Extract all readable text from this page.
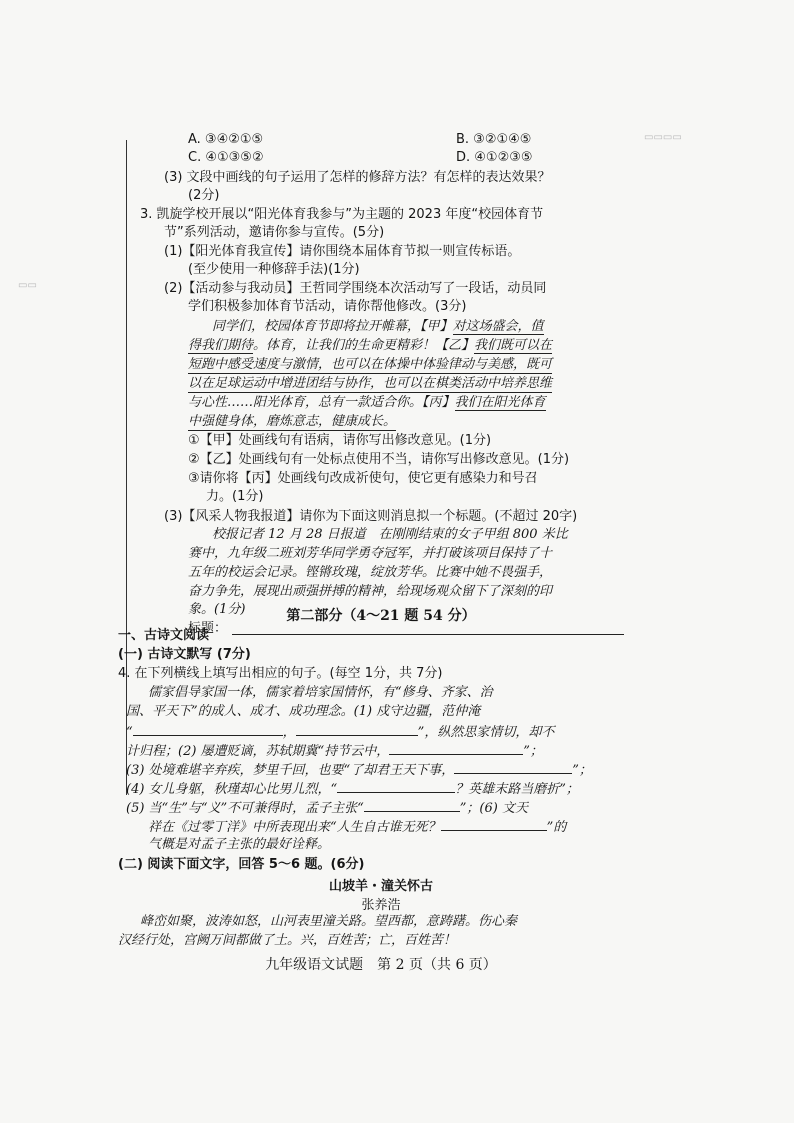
▭▭▭▭
▭▭
A. ③④②①⑤	B. ③②①④⑤
C. ④①③⑤②	D. ④①②③⑤
(3) 文段中画线的句子运用了怎样的修辞方法？有怎样的表达效果？
(2分)
3. 凯旋学校开展以“阳光体育我参与”为主题的 2023 年度“校园体育节
节”系列活动，邀请你参与宣传。(5分)
(1)【阳光体育我宣传】请你围绕本届体育节拟一则宣传标语。
(至少使用一种修辞手法)(1分)
(2)【活动参与我动员】王哲同学围绕本次活动写了一段话，动员同
学们积极参加体育节活动，请你帮他修改。(3分)
同学们，校园体育节即将拉开帷幕，【甲】对这场盛会，值
得我们期待。体育，让我们的生命更精彩！【乙】我们既可以在
短跑中感受速度与激情，也可以在体操中体验律动与美感，既可
以在足球运动中增进团结与协作，也可以在棋类活动中培养思维
与心性……阳光体育，总有一款适合你。【丙】我们在阳光体育
中强健身体，磨炼意志，健康成长。
①【甲】处画线句有语病，请你写出修改意见。(1分)
②【乙】处画线句有一处标点使用不当，请你写出修改意见。(1分)
③请你将【丙】处画线句改成祈使句，使它更有感染力和号召
力。(1分)
(3)【风采人物我报道】请你为下面这则消息拟一个标题。(不超过 20字)
校报记者 12 月 28 日报道　在刚刚结束的女子甲组 800 米比
赛中，九年级二班刘芳华同学勇夺冠军，并打破该项目保持了十
五年的校运会记录。铿锵玫瑰，绽放芳华。比赛中她不畏强手，
奋力争先，展现出顽强拼搏的精神，给现场观众留下了深刻的印
象。(1分)
标题：
第二部分（4～21 题 54 分）
一、古诗文阅读
(一) 古诗文默写 (7分)
4. 在下列横线上填写出相应的句子。(每空 1分，共 7分)
儒家倡导家国一体，儒家着培家国情怀，有“修身、齐家、治
国、平天下”的成人、成才、成功理念。(1) 戍守边疆，范仲淹
“	，	”，纵然思家情切，却不
计归程；(2) 屡遭贬谪，苏轼期冀“持节云中，	”；
(3) 处境难堪辛弃疾，梦里千回，也要“了却君王天下事，	”；
(4) 女儿身躯，秋瑾却心比男儿烈，“	？英雄末路当磨折”；
(5) 当“生”与“义”不可兼得时，孟子主张“	”；(6) 文天
祥在《过零丁洋》中所表现出来“人生自古谁无死？	”的
气概是对孟子主张的最好诠释。
(二) 阅读下面文字，回答 5～6 题。(6分)
山坡羊・潼关怀古
张养浩
峰峦如聚，波涛如怒，山河表里潼关路。望西都，意踌躇。伤心秦
汉经行处，宫阙万间都做了土。兴，百姓苦；亡，百姓苦！
九年级语文试题　第 2 页（共 6 页）
